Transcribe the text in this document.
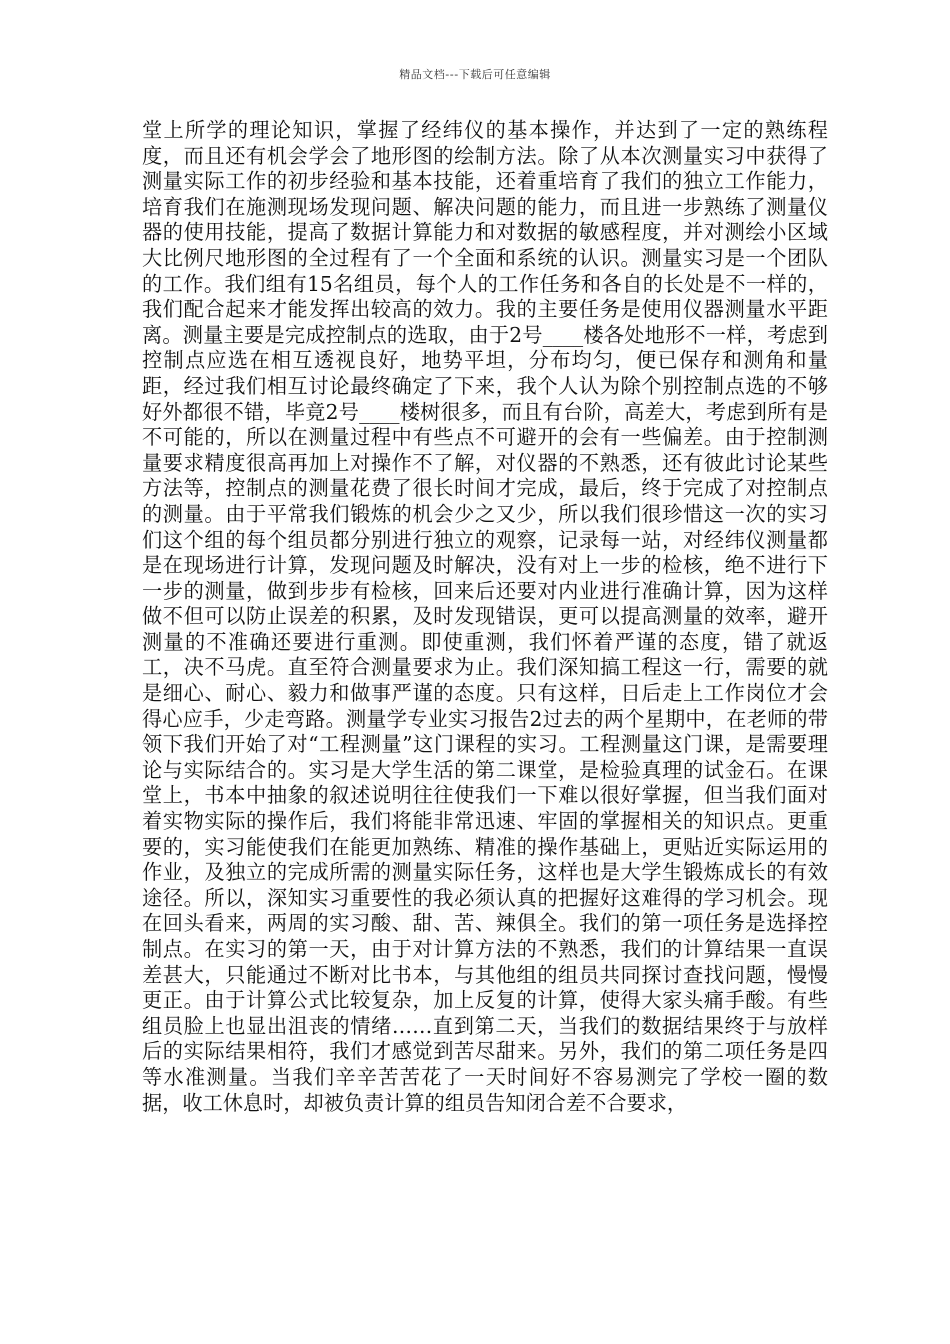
精品文档---下载后可任意编辑

堂上所学的理论知识，掌握了经纬仪的基本操作，并达到了一定的熟练程度，而且还有机会学会了地形图的绘制方法。除了从本次测量实习中获得了测量实际工作的初步经验和基本技能，还着重培育了我们的独立工作能力，培育我们在施测现场发现问题、解决问题的能力，而且进一步熟练了测量仪器的使用技能，提高了数据计算能力和对数据的敏感程度，并对测绘小区域大比例尺地形图的全过程有了一个全面和系统的认识。测量实习是一个团队的工作。我们组有15名组员，每个人的工作任务和各自的长处是不一样的，我们配合起来才能发挥出较高的效力。我的主要任务是使用仪器测量水平距离。测量主要是完成控制点的选取，由于2号____楼各处地形不一样，考虑到控制点应选在相互透视良好，地势平坦，分布均匀，便已保存和测角和量距，经过我们相互讨论最终确定了下来，我个人认为除个别控制点选的不够好外都很不错，毕竟2号____楼树很多，而且有台阶，高差大，考虑到所有是不可能的，所以在测量过程中有些点不可避开的会有一些偏差。由于控制测量要求精度很高再加上对操作不了解，对仪器的不熟悉，还有彼此讨论某些方法等，控制点的测量花费了很长时间才完成，最后，终于完成了对控制点的测量。由于平常我们锻炼的机会少之又少，所以我们很珍惜这一次的实习们这个组的每个组员都分别进行独立的观察，记录每一站，对经纬仪测量都是在现场进行计算，发现问题及时解决，没有对上一步的检核，绝不进行下一步的测量，做到步步有检核，回来后还要对内业进行准确计算，因为这样做不但可以防止误差的积累，及时发现错误，更可以提高测量的效率，避开测量的不准确还要进行重测。即使重测，我们怀着严谨的态度，错了就返工，决不马虎。直至符合测量要求为止。我们深知搞工程这一行，需要的就是细心、耐心、毅力和做事严谨的态度。只有这样，日后走上工作岗位才会得心应手，少走弯路。测量学专业实习报告2过去的两个星期中，在老师的带领下我们开始了对“工程测量”这门课程的实习。工程测量这门课，是需要理论与实际结合的。实习是大学生活的第二课堂，是检验真理的试金石。在课堂上，书本中抽象的叙述说明往往使我们一下难以很好掌握，但当我们面对着实物实际的操作后，我们将能非常迅速、牢固的掌握相关的知识点。更重要的，实习能使我们在能更加熟练、精准的操作基础上，更贴近实际运用的作业，及独立的完成所需的测量实际任务，这样也是大学生锻炼成长的有效途径。所以，深知实习重要性的我必须认真的把握好这难得的学习机会。现在回头看来，两周的实习酸、甜、苦、辣俱全。我们的第一项任务是选择控制点。在实习的第一天，由于对计算方法的不熟悉，我们的计算结果一直误差甚大，只能通过不断对比书本，与其他组的组员共同探讨查找问题，慢慢更正。由于计算公式比较复杂，加上反复的计算，使得大家头痛手酸。有些组员脸上也显出沮丧的情绪……直到第二天，当我们的数据结果终于与放样后的实际结果相符，我们才感觉到苦尽甜来。另外，我们的第二项任务是四等水准测量。当我们辛辛苦苦花了一天时间好不容易测完了学校一圈的数据，收工休息时，却被负责计算的组员告知闭合差不合要求，
